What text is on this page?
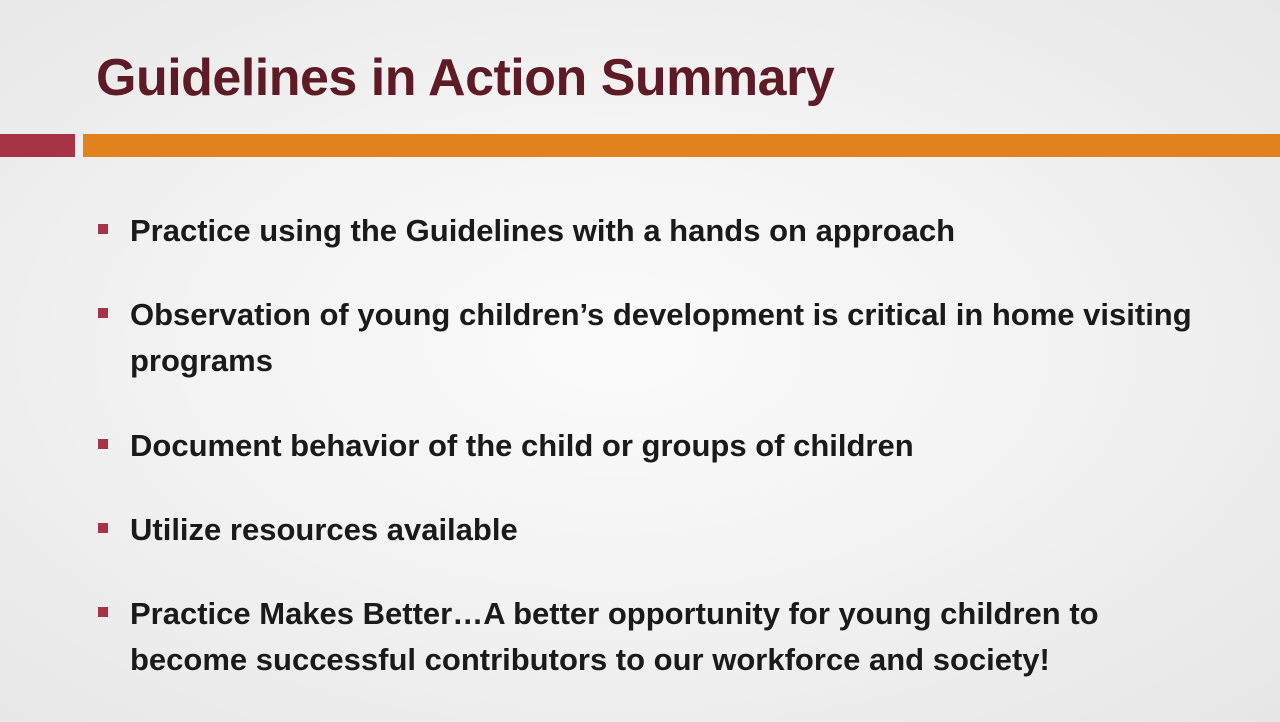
Guidelines in Action Summary
Practice using the Guidelines with a hands on approach
Observation of young children’s development is critical in home visiting programs
Document behavior of the child or groups of children
Utilize resources available
Practice Makes Better…A better opportunity for young children to become successful contributors to our workforce and society!
